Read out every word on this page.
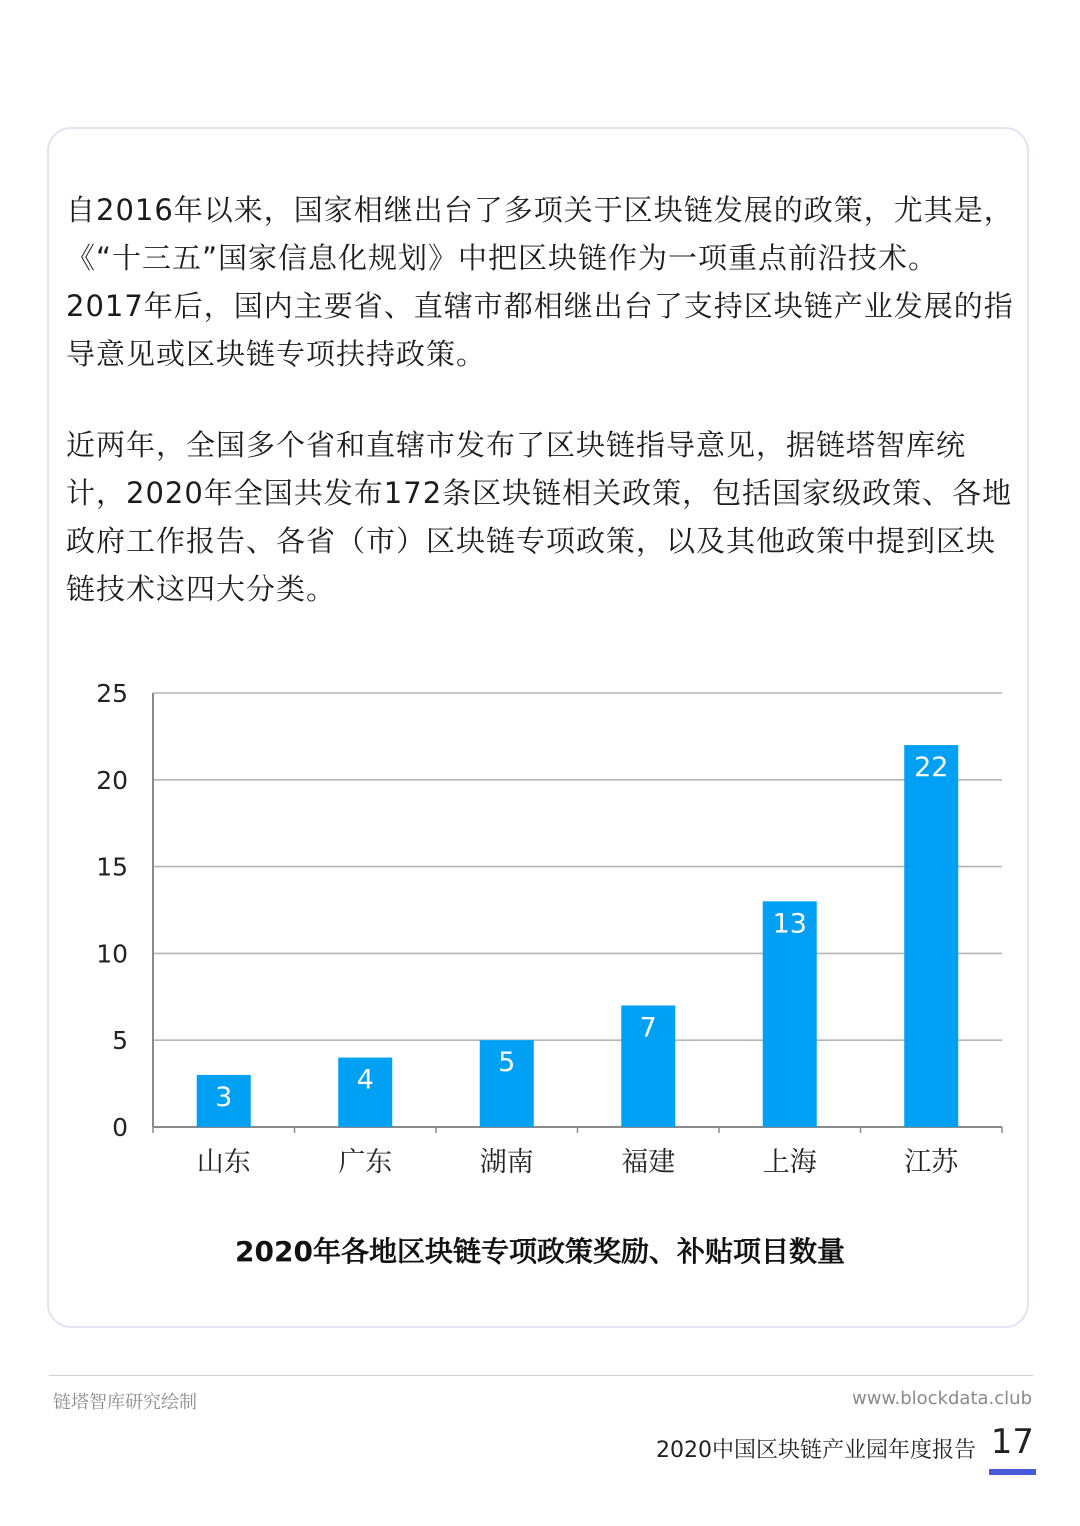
自2016年以来，国家相继出台了多项关于区块链发展的政策，尤其是，《“十三五”国家信息化规划》中把区块链作为一项重点前沿技术。2017年后，国内主要省、直辖市都相继出台了支持区块链产业发展的指导意见或区块链专项扶持政策。

近两年，全国多个省和直辖市发布了区块链指导意见，据链塔智库统计，2020年全国共发布172条区块链相关政策，包括国家级政策、各地政府工作报告、各省（市）区块链专项政策，以及其他政策中提到区块链技术这四大分类。

0
5
10
15
20
25
3
山东
4
广东
5
湖南
7
福建
13
上海
22
江苏
2020年各地区块链专项政策奖励、补贴项目数量
链塔智库研究绘制	www.blockdata.club
2020中国区块链产业园年度报告 17
